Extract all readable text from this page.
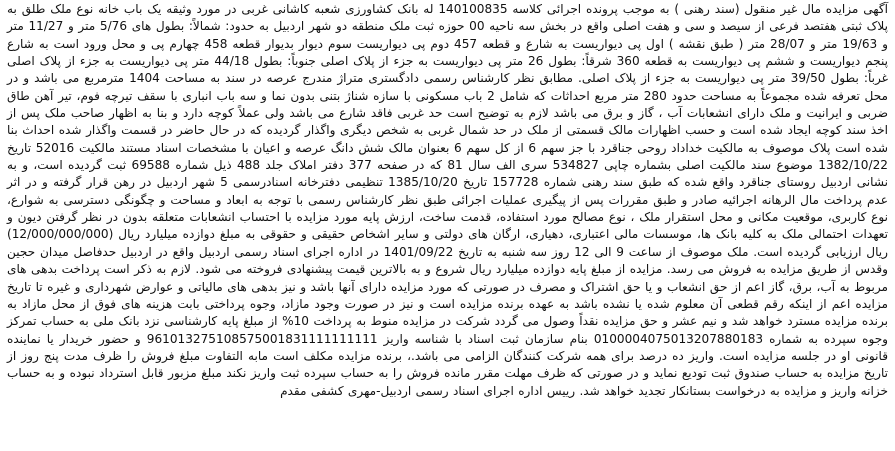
آگهی مزایده مال غیر منقول (سند رهنی ) به موجب پرونده اجرائی کلاسه 140100835 له بانک کشاورزی شعبه کاشانی غربی در مورد وثیقه یک باب خانه نوع ملک طلق به پلاک ثبتی هفتصد فرعی از سیصد و سی و هفت اصلی واقع در بخش سه ناحیه 00 حوزه ثبت ملک منطقه دو شهر اردبیل به حدود: شمالاً: بطول های 5/76 متر و 11/27 متر و 19/63 متر و 28/07 متر ( طبق نقشه ) اول پی دیواریست به شارع و قطعه 457 دوم پی دیواریست سوم دیوار بدیوار قطعه 458 چهارم پی و محل ورود است به شارع پنجم دیواریست و ششم پی دیواریست به قطعه 360 شرقاً: بطول 26 متر پی دیواریست به جزء از پلاک اصلی جنوباً: بطول 44/18 متر پی دیواریست به جزء از پلاک اصلی غرباً: بطول 39/50 متر پی دیواریست به جزء از پلاک اصلی. مطابق نظر کارشناس رسمی دادگستری متراژ مندرج عرصه در سند به مساحت 1404 مترمربع می باشد و در محل تعرفه شده مجموعاً به مساحت حدود 280 متر مربع احداثات که شامل 2 باب مسکونی با سازه شناژ بتنی بدون نما و سه باب انباری با سقف تیرچه فوم، تیر آهن طاق ضربی و ایرانیت و ملک دارای انشعابات آب ، گاز و برق می باشد لازم به توضیح است حد غربی فاقد شارع می باشد ولی عملاً کوچه دارد و بنا به اظهار صاحب ملک پس از اخذ سند کوچه ایجاد شده است و حسب اظهارات مالک قسمتی از ملک در حد شمال غربی به شخص دیگری واگذار گردیده که در حال حاضر در قسمت واگذار شده احداث بنا شده است پلاک موصوف به مالکیت خداداد روحی جناقرد با جز سهم 6 از کل سهم 6 بعنوان مالک شش دانگ عرصه و اعیان با مشخصات اسناد مستند مالکیت 52016 تاریخ 1382/10/22 موضوع سند مالکیت اصلی بشماره چاپی 534827 سری الف سال 81 که در صفحه 377 دفتر املاک جلد 488 ذیل شماره 69588 ثبت گردیده است، و به نشانی اردبیل روستای جناقرد واقع شده که طبق سند رهنی شماره 157728 تاریخ 1385/10/20 تنظیمی دفترخانه اسنادرسمی 5 شهر اردبیل در رهن قرار گرفته و در اثر عدم پرداخت مال الرهانه اجرائیه صادر و طبق مقررات پس از پیگیری عملیات اجرائی طبق نظر کارشناس رسمی با توجه به ابعاد و مساحت و چگونگی دسترسی به شوارع، نوع کاربری، موقعیت مکانی و محل استقرار ملک ، نوع مصالح مورد استفاده، قدمت ساخت، ارزش پایه مورد مزایده با احتساب انشعابات متعلقه بدون در نظر گرفتن دیون و تعهدات احتمالی ملک به کلیه بانک ها، موسسات مالی اعتباری، دهیاری، ارگان های دولتی و سایر اشخاص حقیقی و حقوقی به مبلغ دوازده میلیارد ریال (12/000/000/000) ریال ارزیابی گردیده است. ملک موصوف از ساعت 9 الی 12 روز سه شنبه به تاریخ 1401/09/22 در اداره اجرای اسناد رسمی اردبیل واقع در اردبیل حدفاصل میدان حجین وقدس از طریق مزایده به فروش می رسد. مزایده از مبلغ پایه دوازده میلیارد ریال شروع و به بالاترین قیمت پیشنهادی فروخته می شود. لازم به ذکر است پرداخت بدهی های مربوط به آب، برق، گاز اعم از حق انشعاب و یا حق اشتراک و مصرف در صورتی که مورد مزایده دارای آنها باشد و نیز بدهی های مالیاتی و عوارض شهرداری و غیره تا تاریخ مزایده اعم از اینکه رقم قطعی آن معلوم شده یا نشده باشد به عهده برنده مزایده است و نیز در صورت وجود مازاد، وجوه پرداختی بابت هزینه های فوق از محل مازاد به برنده مزایده مسترد خواهد شد و نیم عشر و حق مزایده نقداً وصول می گردد شرکت در مزایده منوط به پرداخت 10% از مبلغ پایه کارشناسی نزد بانک ملی به حساب تمرکز وجوه سپرده به شماره 0100004075013207880183 بنام سازمان ثبت اسناد با شناسه واریز 961013275108575001831111111111 و حضور خریدار یا نماینده قانونی او در جلسه مزایده است. واریز ده درصد برای همه شرکت کنندگان الزامی می باشد.، برنده مزایده مکلف است مابه التفاوت مبلغ فروش را ظرف مدت پنج روز از تاریخ مزایده به حساب صندوق ثبت تودیع نماید و در صورتی که ظرف مهلت مقرر مانده فروش را به حساب سپرده ثبت واریز نکند مبلغ مزبور قابل استرداد نبوده و به حساب خزانه واریز و مزایده به درخواست بستانکار تجدید خواهد شد. رییس اداره اجرای اسناد رسمی اردبیل-مهری کشفی مقدم
